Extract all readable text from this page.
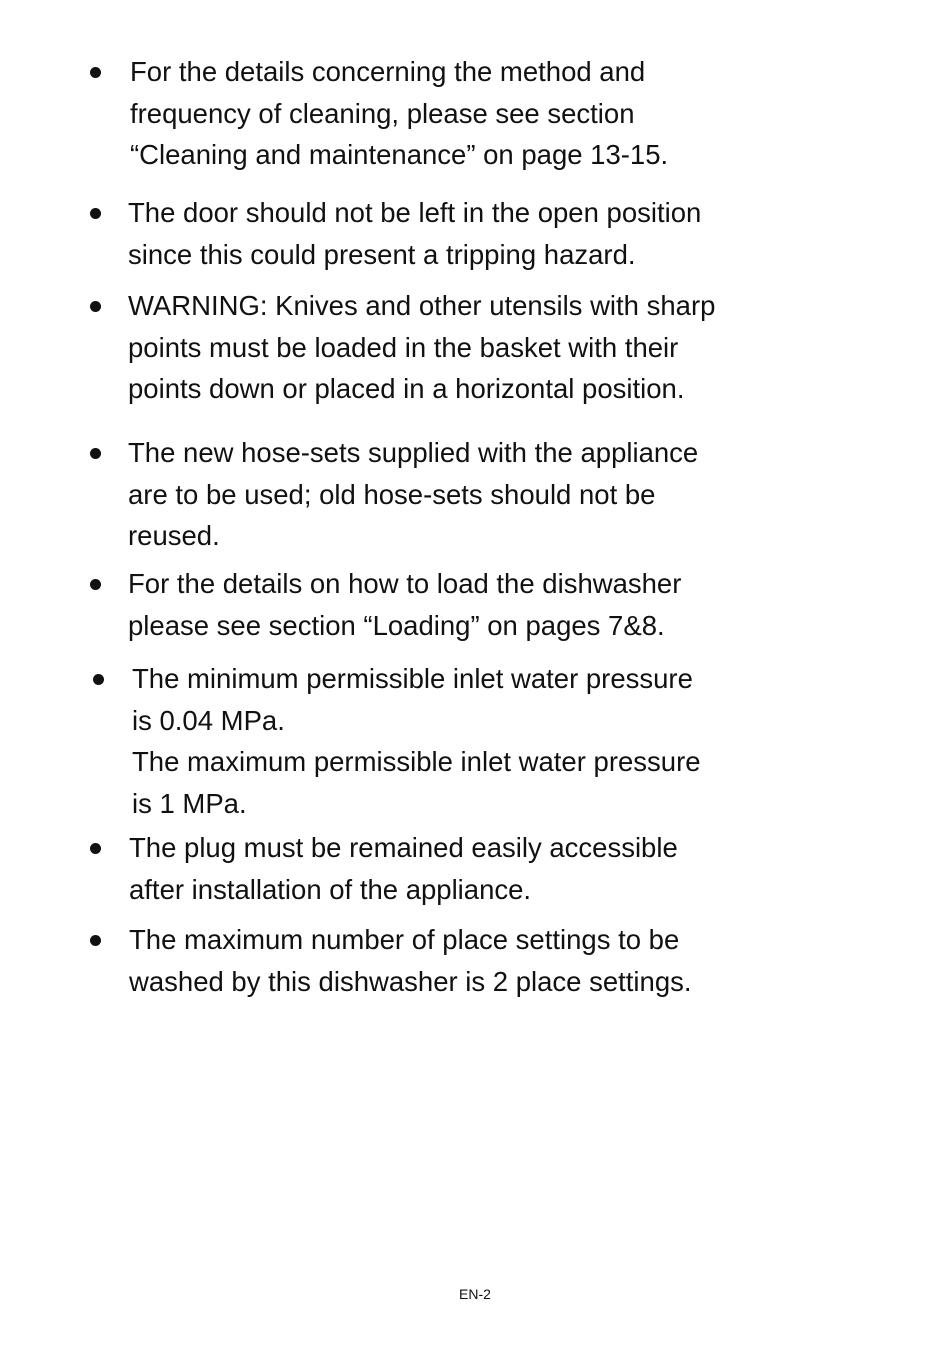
For the details concerning the method and
frequency of cleaning, please see section
“Cleaning and maintenance” on page 13-15.
The door should not be left in the open position
since this could present a tripping hazard.
WARNING: Knives and other utensils with sharp
points must be loaded in the basket with their
points down or placed in a horizontal position.
The new hose-sets supplied with the appliance
are to be used; old hose-sets should not be
reused.
For the details on how to load the dishwasher
please see section “Loading” on pages 7&8.
The minimum permissible inlet water pressure
is 0.04 MPa.
The maximum permissible inlet water pressure
is 1 MPa.
The plug must be remained easily accessible
after installation of the appliance.
The maximum number of place settings to be
washed by this dishwasher is 2 place settings.
EN-2
